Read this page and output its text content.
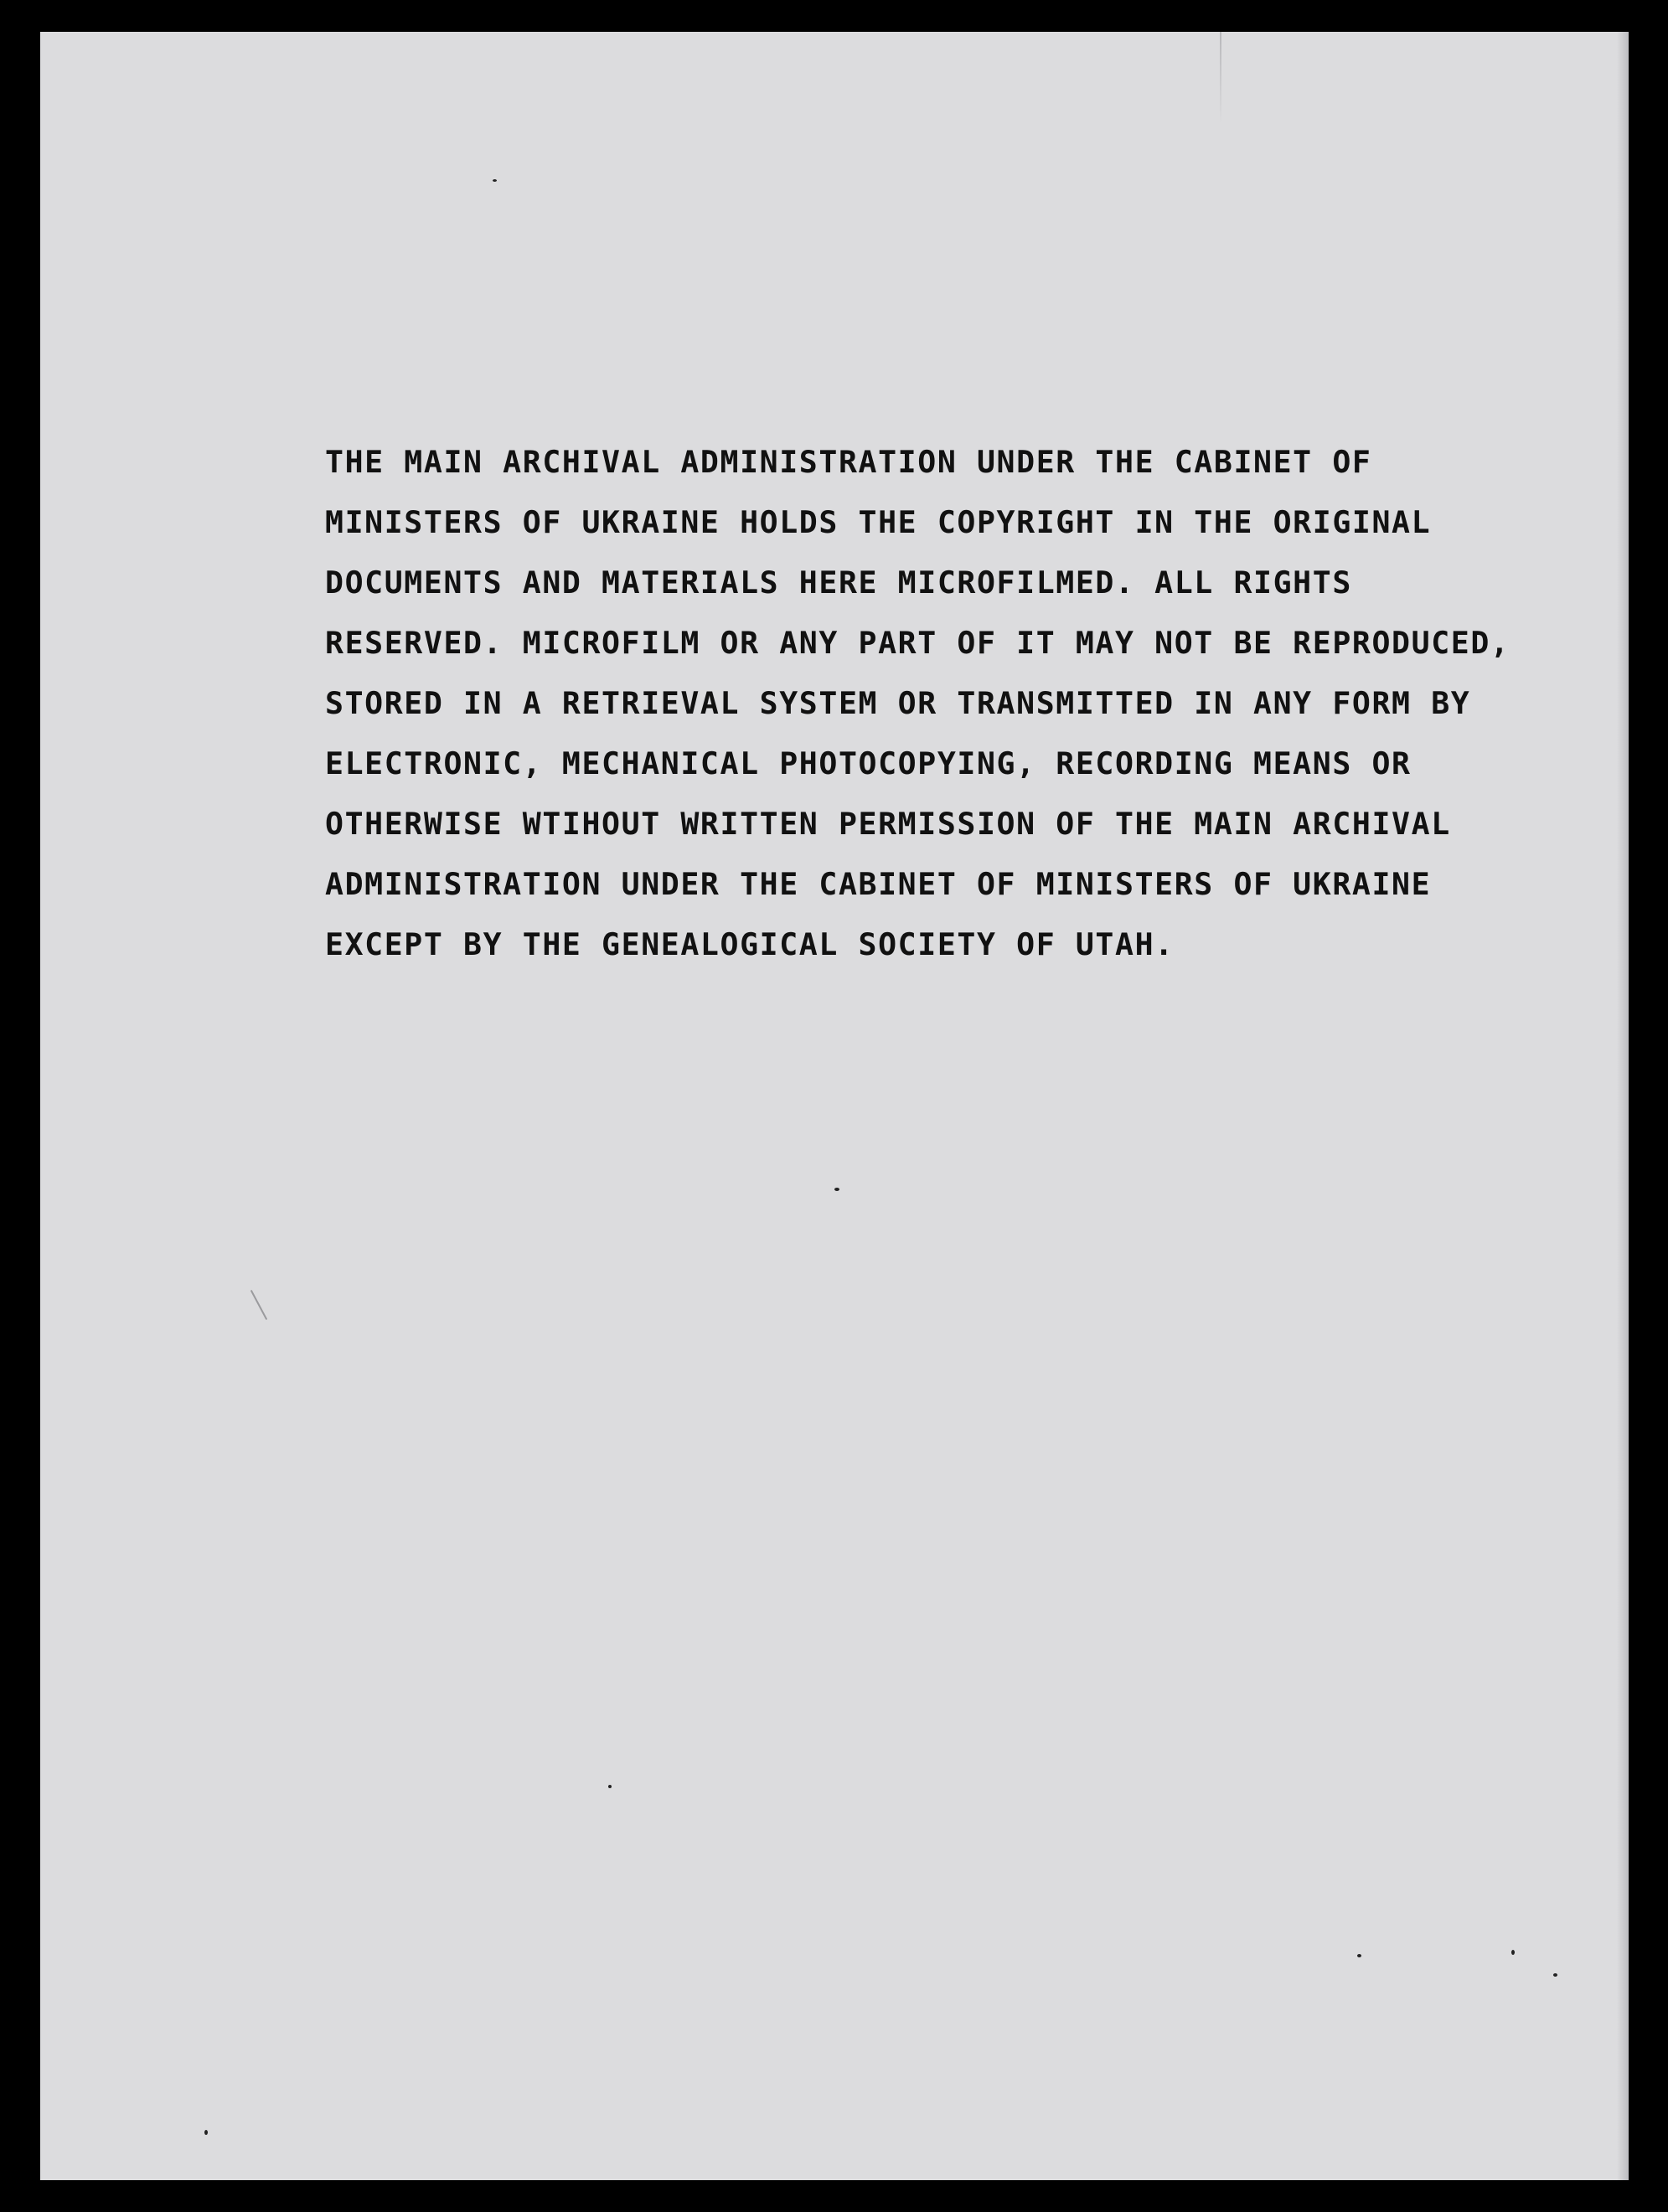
THE MAIN ARCHIVAL ADMINISTRATION UNDER THE CABINET OF
MINISTERS OF UKRAINE HOLDS THE COPYRIGHT IN THE ORIGINAL
DOCUMENTS AND MATERIALS HERE MICROFILMED. ALL RIGHTS
RESERVED. MICROFILM OR ANY PART OF IT MAY NOT BE REPRODUCED,
STORED IN A RETRIEVAL SYSTEM OR TRANSMITTED IN ANY FORM BY
ELECTRONIC, MECHANICAL PHOTOCOPYING, RECORDING MEANS OR
OTHERWISE WTIHOUT WRITTEN PERMISSION OF THE MAIN ARCHIVAL
ADMINISTRATION UNDER THE CABINET OF MINISTERS OF UKRAINE
EXCEPT BY THE GENEALOGICAL SOCIETY OF UTAH.
